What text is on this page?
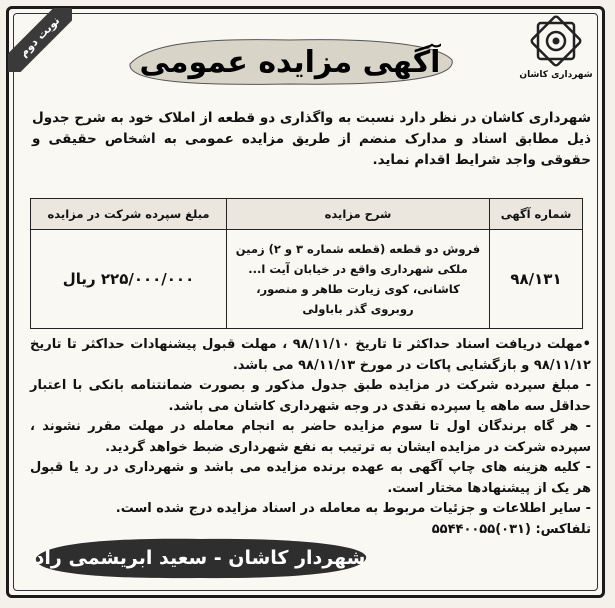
نوبت دوم
شهرداری کاشان
آگهی مزایده عمومی
شهرداری کاشان در نظر دارد نسبت به واگذاری دو قطعه از املاک خود به شرح جدول ذیل مطابق اسناد و مدارک منضم از طریق مزایده عمومی به اشخاص حقیقی و حقوقی واجد شرایط اقدام نماید.
شماره آگهی	شرح مزایده	مبلغ سپرده شرکت در مزایده
۹۸/۱۳۱	فروش دو قطعه (قطعه شماره ۳ و ۲) زمین ملکی شهرداری واقع در خیابان آیت ا... کاشانی، کوی زیارت طاهر و منصور، روبروی گذر باباولی	۲۲۵/۰۰۰/۰۰۰ ریال

•مهلت دریافت اسناد حداکثر تا تاریخ ۹۸/۱۱/۱۰ ، مهلت قبول پیشنهادات حداکثر تا تاریخ ۹۸/۱۱/۱۲ و بازگشایی پاکات در مورخ ۹۸/۱۱/۱۳ می باشد.

- مبلغ سپرده شرکت در مزایده طبق جدول مذکور و بصورت ضمانتنامه بانکی با اعتبار حداقل سه ماهه یا سپرده نقدی در وجه شهرداری کاشان می باشد.

- هر گاه برندگان اول تا سوم مزایده حاضر به انجام معامله در مهلت مقرر نشوند ، سپرده شرکت در مزایده ایشان به ترتیب به نفع شهرداری ضبط خواهد گردید.

- کلیه هزینه های چاپ آگهی به عهده برنده مزایده می باشد و شهرداری در رد یا قبول هر یک از پیشنهادها مختار است.

- سایر اطلاعات و جزئیات مربوط به معامله در اسناد مزایده درج شده است.

تلفاکس: (۰۳۱)۵۵۴۴۰۰۵۵

شهردار کاشان - سعید ابریشمی راد
